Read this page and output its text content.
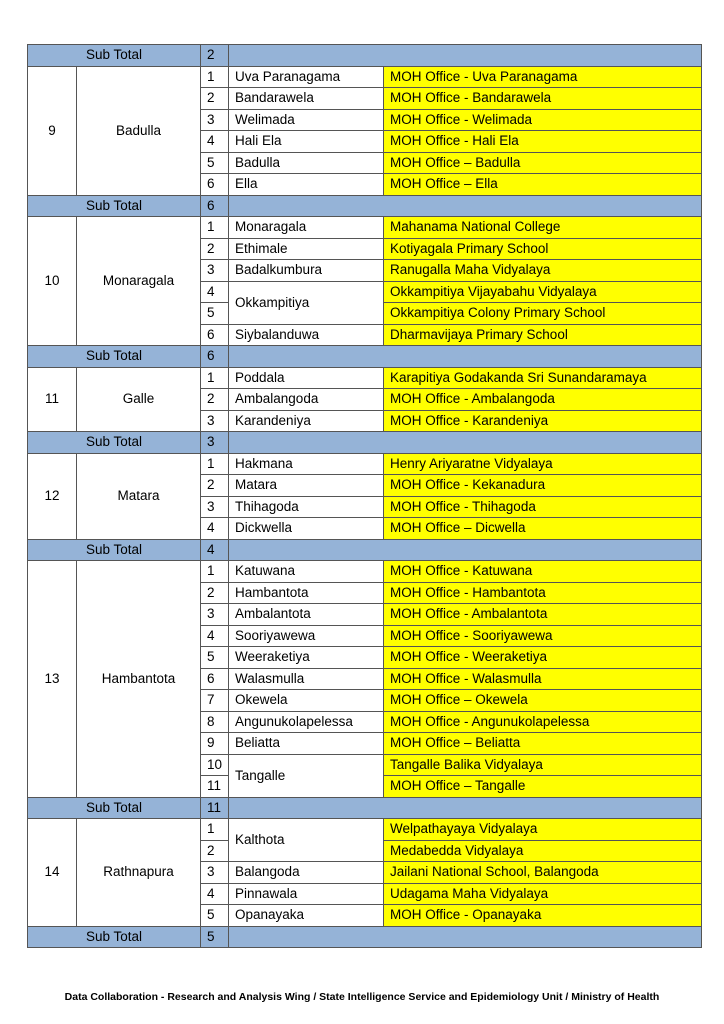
Sub Total		2		
9	Badulla	1	Uva Paranagama	MOH Office - Uva Paranagama
		2	Bandarawela	MOH Office - Bandarawela
		3	Welimada	MOH Office - Welimada
		4	Hali Ela	MOH Office - Hali Ela
		5	Badulla	MOH Office – Badulla
		6	Ella	MOH Office – Ella
Sub Total		6		
10	Monaragala	1	Monaragala	Mahanama National College
		2	Ethimale	Kotiyagala Primary School
		3	Badalkumbura	Ranugalla Maha Vidyalaya
		4	Okkampitiya	Okkampitiya Vijayabahu Vidyalaya
		5		Okkampitiya Colony Primary School
		6	Siybalanduwa	Dharmavijaya Primary School
Sub Total		6		
11	Galle	1	Poddala	Karapitiya Godakanda Sri Sunandaramaya
		2	Ambalangoda	MOH Office - Ambalangoda
		3	Karandeniya	MOH Office - Karandeniya
Sub Total		3		
12	Matara	1	Hakmana	Henry Ariyaratne Vidyalaya
		2	Matara	MOH Office - Kekanadura
		3	Thihagoda	MOH Office - Thihagoda
		4	Dickwella	MOH Office – Dicwella
Sub Total		4		
13	Hambantota	1	Katuwana	MOH Office - Katuwana
		2	Hambantota	MOH Office - Hambantota
		3	Ambalantota	MOH Office - Ambalantota
		4	Sooriyawewa	MOH Office - Sooriyawewa
		5	Weeraketiya	MOH Office - Weeraketiya
		6	Walasmulla	MOH Office - Walasmulla
		7	Okewela	MOH Office – Okewela
		8	Angunukolapelessa	MOH Office - Angunukolapelessa
		9	Beliatta	MOH Office – Beliatta
		10	Tangalle	Tangalle Balika Vidyalaya
		11		MOH Office – Tangalle
Sub Total		11		
14	Rathnapura	1	Kalthota	Welpathayaya Vidyalaya
		2		Medabedda Vidyalaya
		3	Balangoda	Jailani National School, Balangoda
		4	Pinnawala	Udagama Maha Vidyalaya
		5	Opanayaka	MOH Office - Opanayaka
Sub Total		5		
Data Collaboration - Research and Analysis Wing / State Intelligence Service and Epidemiology Unit / Ministry of Health
